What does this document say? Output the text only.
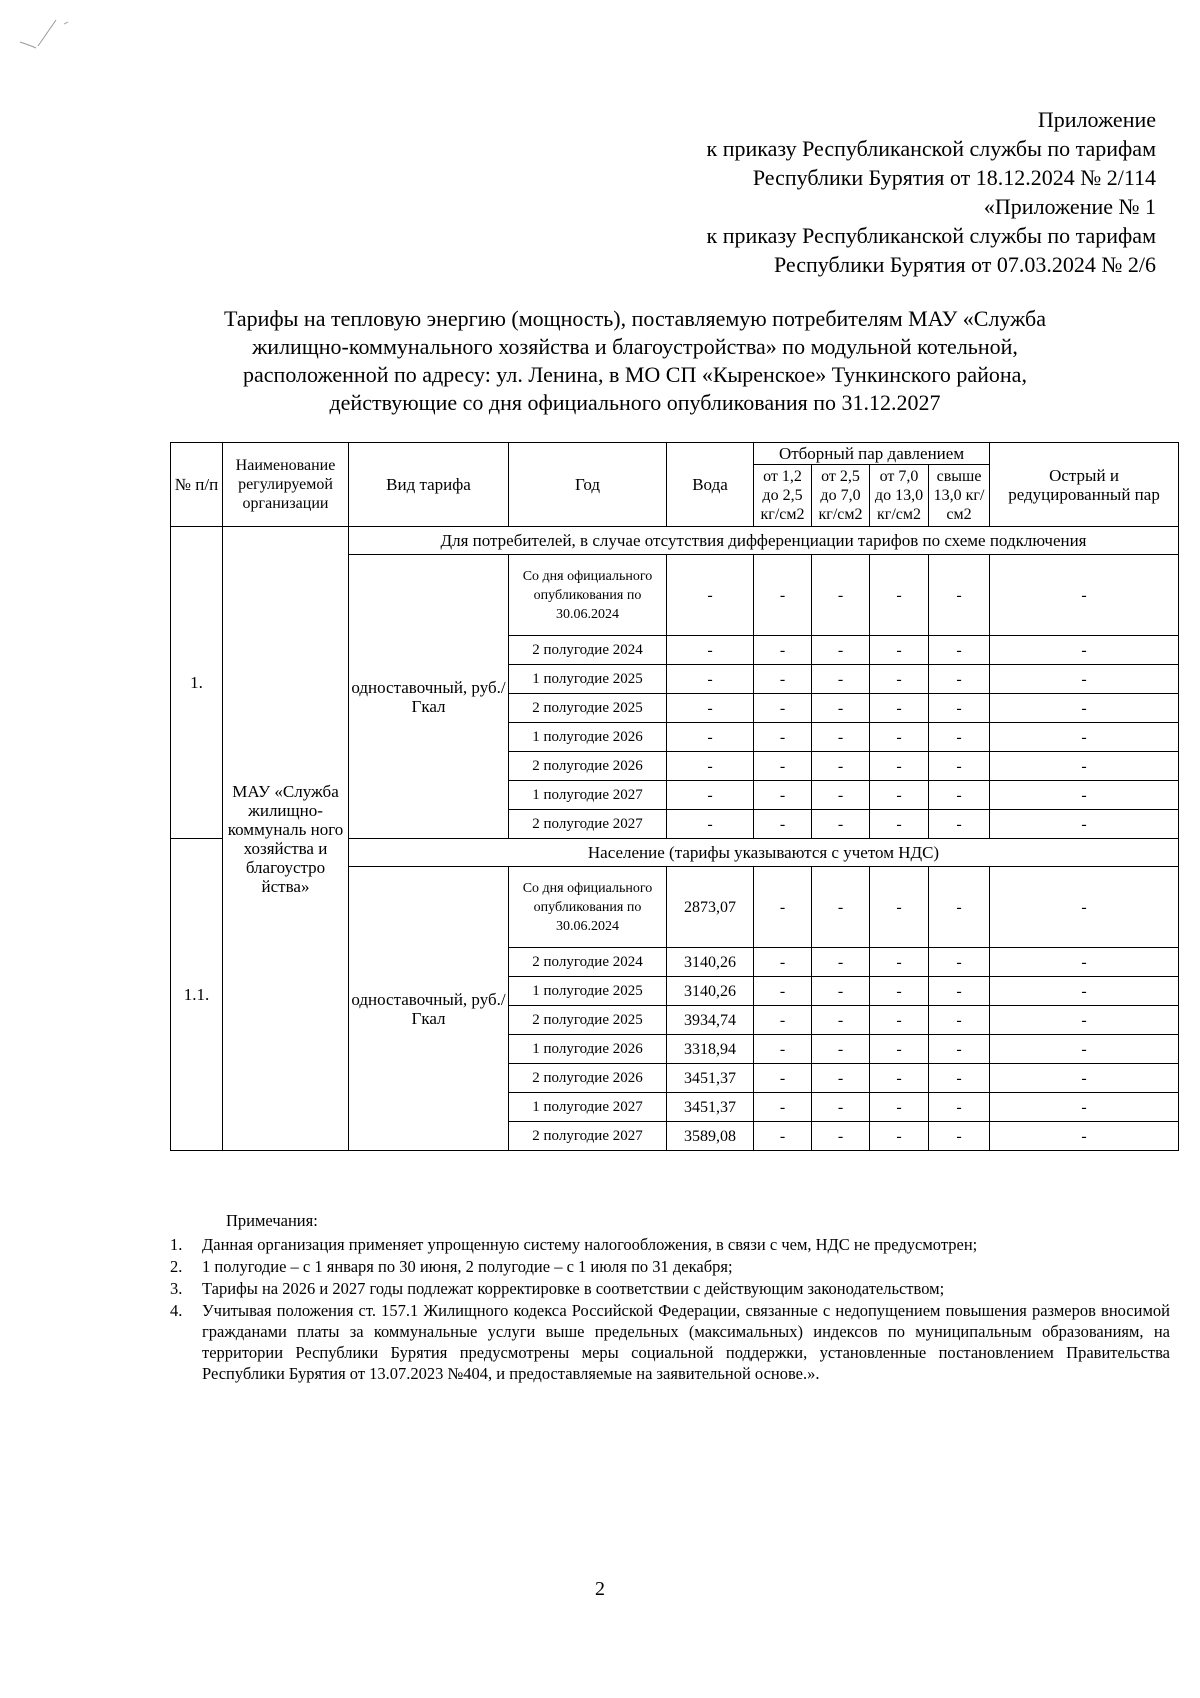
Приложение
к приказу Республиканской службы по тарифам
Республики Бурятия от 18.12.2024 № 2/114
«Приложение № 1
к приказу Республиканской службы по тарифам
Республики Бурятия от 07.03.2024 № 2/6
Тарифы на тепловую энергию (мощность), поставляемую потребителям МАУ «Служба
жилищно-коммунального хозяйства и благоустройства» по модульной котельной,
расположенной по адресу: ул. Ленина, в МО СП «Кыренское» Тункинского района,
действующие со дня официального опубликования по 31.12.2027
№ п/п	Наименование регулируемой организации	Вид тарифа	Год	Вода	Отборный пар давлением				Острый и редуцированный пар
					от 1,2 до 2,5 кг/см2	от 2,5 до 7,0 кг/см2	от 7,0 до 13,0 кг/см2	свыше 13,0 кг/см2	
1.	МАУ «Служба жилищно-коммуналь ного хозяйства и благоустро йства»	Для потребителей, в случае отсутствия дифференциации тарифов по схеме подключения							
		одноставочный, руб./Гкал	Со дня официального опубликования по 30.06.2024	-	-	-	-	-	-
			2 полугодие 2024	-	-	-	-	-	-
			1 полугодие 2025	-	-	-	-	-	-
			2 полугодие 2025	-	-	-	-	-	-
			1 полугодие 2026	-	-	-	-	-	-
			2 полугодие 2026	-	-	-	-	-	-
			1 полугодие 2027	-	-	-	-	-	-
			2 полугодие 2027	-	-	-	-	-	-
1.1.		Население (тарифы указываются с учетом НДС)							
		одноставочный, руб./Гкал	Со дня официального опубликования по 30.06.2024	2873,07	-	-	-	-	-
			2 полугодие 2024	3140,26	-	-	-	-	-
			1 полугодие 2025	3140,26	-	-	-	-	-
			2 полугодие 2025	3934,74	-	-	-	-	-
			1 полугодие 2026	3318,94	-	-	-	-	-
			2 полугодие 2026	3451,37	-	-	-	-	-
			1 полугодие 2027	3451,37	-	-	-	-	-
			2 полугодие 2027	3589,08	-	-	-	-	-
Примечания:
1.	Данная организация применяет упрощенную систему налогообложения, в связи с чем, НДС не предусмотрен;
2.	1 полугодие – с 1 января по 30 июня, 2 полугодие – с 1 июля по 31 декабря;
3.	Тарифы на 2026 и 2027 годы подлежат корректировке в соответствии с действующим законодательством;
4.	Учитывая положения ст. 157.1 Жилищного кодекса Российской Федерации, связанные с недопущением повышения размеров вносимой гражданами платы за коммунальные услуги выше предельных (максимальных) индексов по муниципальным образованиям, на территории Республики Бурятия предусмотрены меры социальной поддержки, установленные постановлением Правительства Республики Бурятия от 13.07.2023 №404, и предоставляемые на заявительной основе.».
2
